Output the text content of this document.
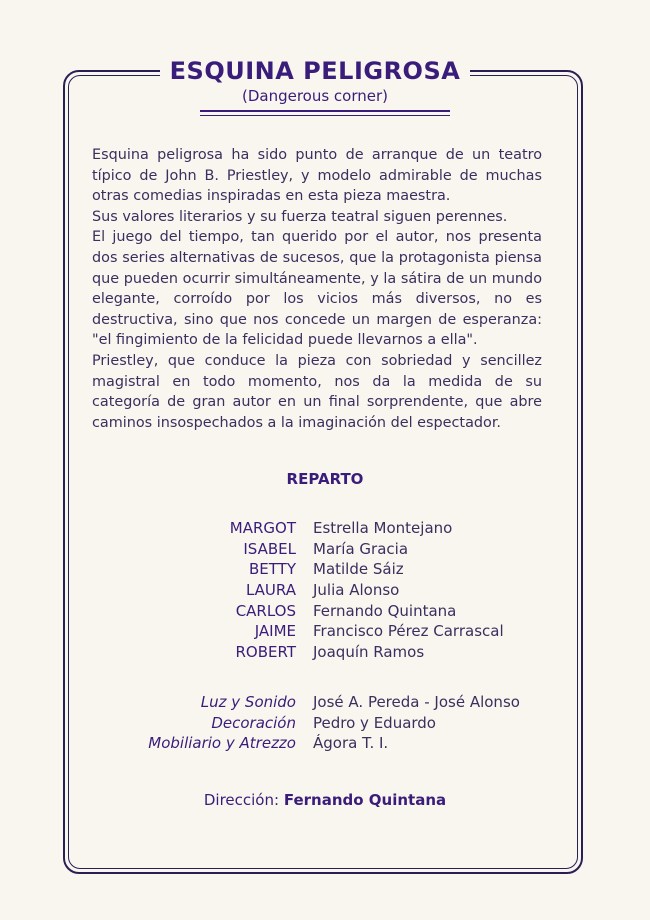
ESQUINA PELIGROSA
(Dangerous corner)

Esquina peligrosa ha sido punto de arranque de un teatro típico de John B. Priestley, y modelo admirable de muchas otras comedias inspiradas en esta pieza maestra.

Sus valores literarios y su fuerza teatral siguen perennes.

El juego del tiempo, tan querido por el autor, nos presenta dos series alternativas de sucesos, que la protagonista piensa que pueden ocurrir simultáneamente, y la sátira de un mundo elegante, corroído por los vicios más diversos, no es destructiva, sino que nos concede un margen de esperanza: "el fingimiento de la felicidad puede llevarnos a ella".

Priestley, que conduce la pieza con sobriedad y sencillez magistral en todo momento, nos da la medida de su categoría de gran autor en un final sorprendente, que abre caminos insospechados a la imaginación del espectador.

REPARTO
MARGOT Estrella Montejano
ISABEL María Gracia
BETTY Matilde Sáiz
LAURA Julia Alonso
CARLOS Fernando Quintana
JAIME Francisco Pérez Carrascal
ROBERT Joaquín Ramos
Luz y Sonido José A. Pereda - José Alonso
Decoración Pedro y Eduardo
Mobiliario y Atrezzo Ágora T. I.
Dirección: Fernando Quintana
